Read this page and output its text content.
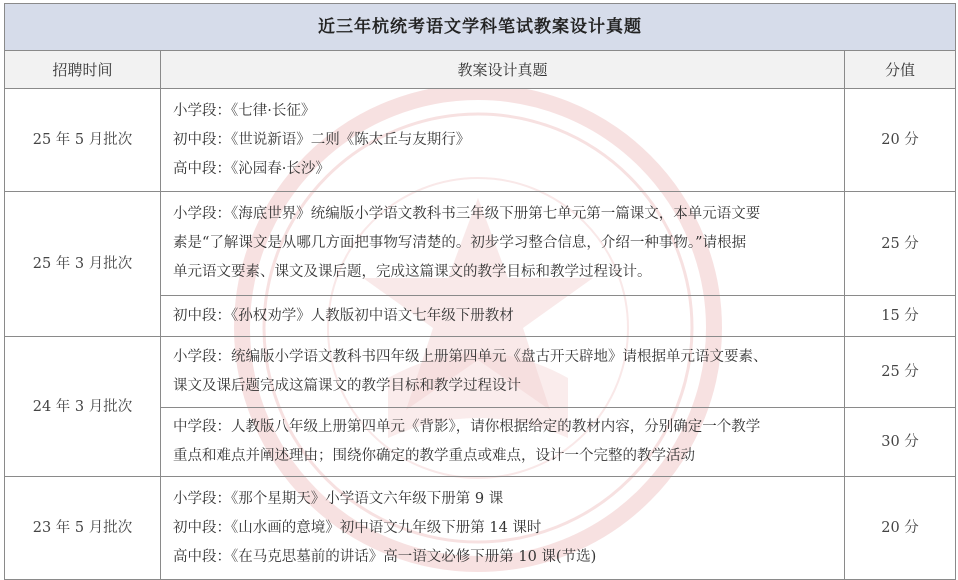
近三年杭统考语文学科笔试教案设计真题		
招聘时间	教案设计真题	分值
25 年 5 月批次	小学段：《七律·长征》
初中段：《世说新语》二则《陈太丘与友期行》
高中段：《沁园春·长沙》	20 分
25 年 3 月批次	小学段：《海底世界》统编版小学语文教科书三年级下册第七单元第一篇课文，本单元语文要
素是“了解课文是从哪几方面把事物写清楚的。初步学习整合信息，介绍一种事物。”请根据
单元语文要素、课文及课后题，完成这篇课文的教学目标和教学过程设计。	25 分

	初中段：《孙权劝学》人教版初中语文七年级下册教材	15 分
24 年 3 月批次	小学段：统编版小学语文教科书四年级上册第四单元《盘古开天辟地》请根据单元语文要素、
课文及课后题完成这篇课文的教学目标和教学过程设计	25 分

	中学段：人教版八年级上册第四单元《背影》，请你根据给定的教材内容，分别确定一个教学
重点和难点并阐述理由；围绕你确定的教学重点或难点，设计一个完整的教学活动	30 分
23 年 5 月批次	小学段：《那个星期天》小学语文六年级下册第 9 课
初中段：《山水画的意境》初中语文九年级下册第 14 课时
高中段：《在马克思墓前的讲话》高一语文必修下册第 10 课(节选)	20 分
